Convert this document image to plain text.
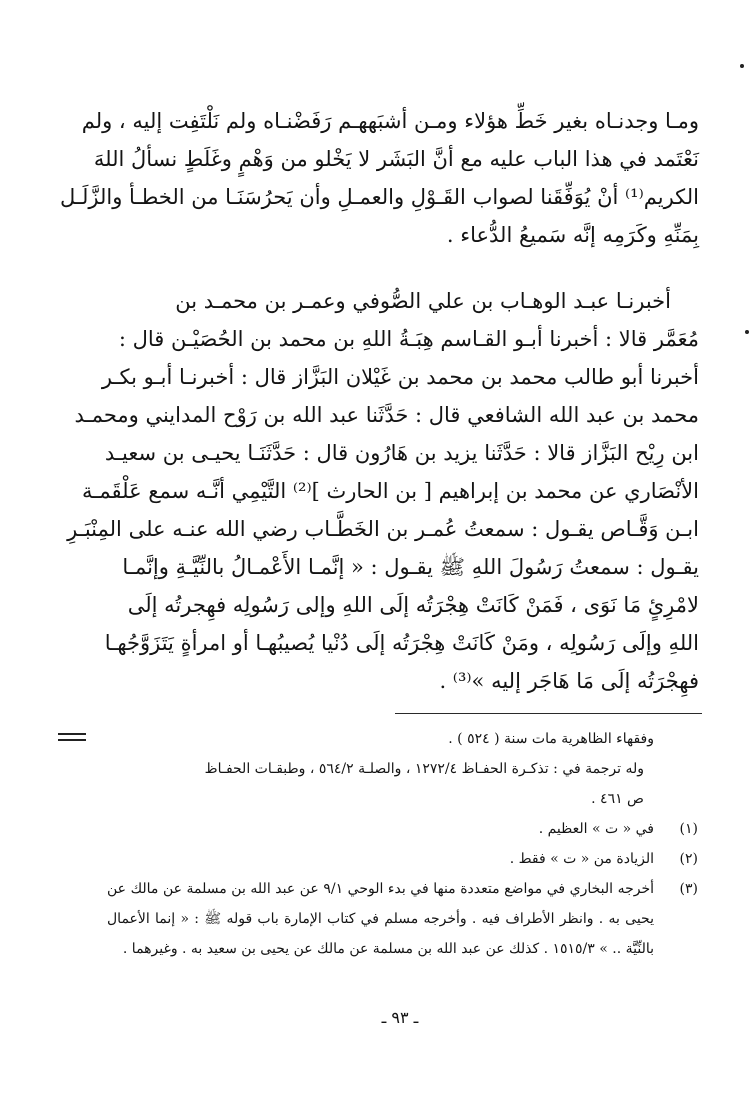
ومـا وجدنـاه بغير خَطِّ هؤلاء ومـن أشبَههـم رَفَضْنـاه ولم نَلْتَفِت إليه ، ولم
نَعْتَمد في هذا الباب عليه مع أنَّ البَشَر لا يَخْلو من وَهْمٍ وغَلَطٍ نسألُ اللهَ
الكريم⁽¹⁾ أنْ يُوَفِّقَنا لصواب القَـوْلِ والعمـلِ وأن يَحرُسَنَـا من الخطـأ والزَّلَـل
بِمَنِّهِ وكَرَمِه إنَّه سَميعُ الدُّعاء .
أخبرنـا عبـد الوهـاب بن علي الصُّوفي وعمـر بن محمـد بن
مُعَمَّر قالا : أخبرنا أبـو القـاسم هِبَـةُ اللهِ بن محمد بن الحُصَيْـن قال :
أخبرنا أبو طالب محمد بن محمد بن غَيْلان البَزَّاز قال : أخبرنـا أبـو بكـر
محمد بن عبد الله الشافعي قال : حَدَّثَنا عبد الله بن رَوْح المدايني ومحمـد
ابن رِيْح البَزَّاز قالا : حَدَّثَنا يزيد بن هَارُون قال : حَدَّثَنَـا يحيـى بن سعيـد
الأنْصَاري عن محمد بن إبراهيم [ بن الحارث ]⁽²⁾ التَّيْمِي أنَّـه سمع عَلْقَمـة
ابـن وَقَّـاص يقـول : سمعتُ عُمـر بن الخَطَّـاب رضي الله عنـه على المِنْبَـرِ
يقـول : سمعتُ رَسُولَ اللهِ ﷺ يقـول : « إنَّمـا الأَعْمـالُ بالنِّيَّـةِ وإنَّمـا
لامْرِئٍ مَا نَوَى ، فَمَنْ كَانَتْ هِجْرَتُه إلَى اللهِ وإلى رَسُولِه فهِجرتُه إلَى
اللهِ وإلَى رَسُولِه ، ومَنْ كَانَتْ هِجْرَتُه إلَى دُنْيا يُصيبُهـا أو امرأةٍ يَتَزَوَّجُهـا
فهِجْرَتُه إلَى مَا هَاجَر إليه »⁽³⁾ .
وفقهاء الظاهرية مات سنة ( ٥٢٤ ) .
وله ترجمة في : تذكـرة الحفـاظ ١٢٧٢/٤ ، والصلـة ٥٦٤/٢ ، وطبقـات الحفـاظ
ص ٤٦١ .
(١)
في « ت » العظيم .
(٢)
الزيادة من « ت » فقط .
(٣)
أخرجه البخاري في مواضع متعددة منها في بدء الوحي ٩/١ عن عبد الله بن مسلمة عن مالك عن يحيى به . وانظر الأطراف فيه . وأخرجه مسلم في كتاب الإمارة باب قوله ﷺ : « إنما الأعمال بالنِّيَّة .. » ١٥١٥/٣ . كذلك عن عبد الله بن مسلمة عن مالك عن يحيى بن سعيد به . وغيرهما .
ـ ٩٣ ـ
